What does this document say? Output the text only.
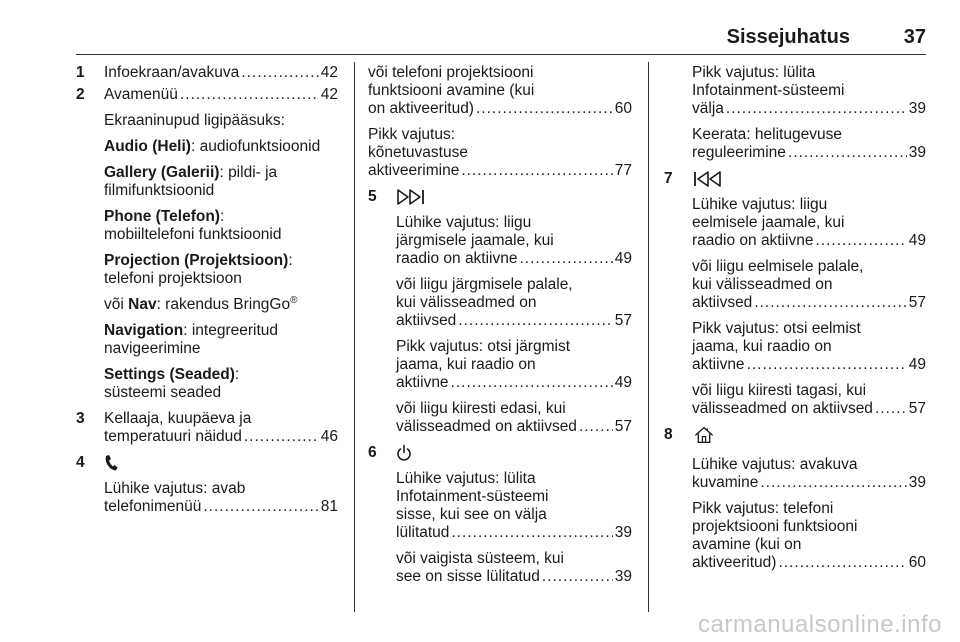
Sissejuhatus	37
1 Infoekraan/avakuva .....	42
2 Avamenüü .....	42
Ekraaninupud ligipääsuks:
Audio (Heli): audiofunktsioonid
Gallery (Galerii): pildi- ja
filmifunktsioonid
Phone (Telefon):
mobiiltelefoni funktsioonid
Projection (Projektsioon):
telefoni projektsioon
või Nav: rakendus BringGo®
Navigation: integreeritud
navigeerimine
Settings (Seaded):
süsteemi seaded
3 Kellaaja, kuupäeva ja
temperatuuri näidud .....	46
4
Lühike vajutus: avab
telefonimenüü .....	81
või telefoni projektsiooni
funktsiooni avamine (kui
on aktiveeritud) .....	60
Pikk vajutus:
kõnetuvastuse
aktiveerimine .....	77
5
Lühike vajutus: liigu
järgmisele jaamale, kui
raadio on aktiivne .....	49
või liigu järgmisele palale,
kui välisseadmed on
aktiivsed .....	57
Pikk vajutus: otsi järgmist
jaama, kui raadio on
aktiivne .....	49
või liigu kiiresti edasi, kui
välisseadmed on aktiivsed ..... 57
6
Lühike vajutus: lülita
Infotainment-süsteemi
sisse, kui see on välja
lülitatud .....	39
või vaigista süsteem, kui
see on sisse lülitatud .....	39
Pikk vajutus: lülita
Infotainment-süsteemi
välja .....	39
Keerata: helitugevuse
reguleerimine .....	39
7
Lühike vajutus: liigu
eelmisele jaamale, kui
raadio on aktiivne .....	49
või liigu eelmisele palale,
kui välisseadmed on
aktiivsed .....	57
Pikk vajutus: otsi eelmist
jaama, kui raadio on
aktiivne .....	49
või liigu kiiresti tagasi, kui
välisseadmed on aktiivsed ..... 57
8
Lühike vajutus: avakuva
kuvamine .....	39
Pikk vajutus: telefoni
projektsiooni funktsiooni
avamine (kui on
aktiveeritud) .....	60
carmanualsonline.info
